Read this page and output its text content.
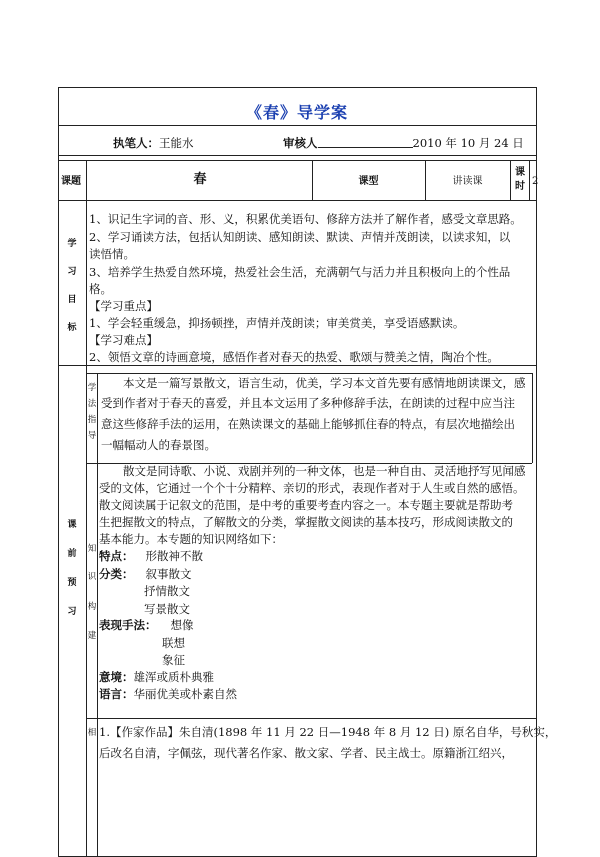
《春》导学案
执笔人：王能水	审核人	2010 年 10 月 24 日
课题	春	课型	讲读课
课时 2
学
习
目
标
1、识记生字词的音、形、义，积累优美语句、修辞方法并了解作者，感受文章思路。
2、学习诵读方法，包括认知朗读、感知朗读、默读、声情并茂朗读，以读求知，以
读悟情。
3、培养学生热爱自然环境，热爱社会生活，充满朝气与活力并且积极向上的个性品
格。
【学习重点】
1、学会轻重缓急，抑扬顿挫，声情并茂朗读；审美赏美，享受语感默读。
【学习难点】
2、领悟文章的诗画意境，感悟作者对春天的热爱、歌颂与赞美之情，陶冶个性。
课
前
预
习
学
法
指
导
本文是一篇写景散文，语言生动，优美，学习本文首先要有感情地朗读课文，感
受到作者对于春天的喜爱，并且本文运用了多种修辞手法，在朗读的过程中应当注
意这些修辞手法的运用，在熟读课文的基础上能够抓住春的特点，有层次地描绘出
一幅幅动人的春景图。
知
识
构
建
散文是同诗歌、小说、戏剧并列的一种文体，也是一种自由、灵活地抒写见闻感
受的文体，它通过一个个十分精粹、亲切的形式，表现作者对于人生或自然的感悟。
散文阅读属于记叙文的范围，是中考的重要考查内容之一。本专题主要就是帮助考
生把握散文的特点，了解散文的分类，掌握散文阅读的基本技巧，形成阅读散文的
基本能力。本专题的知识网络如下：
特点： 形散神不散
分类： 叙事散文
抒情散文
写景散文
表现手法： 想像
联想
象征
意境：雄浑或质朴典雅
语言：华丽优美或朴素自然
相 1.【作家作品】朱自清(1898 年 11 月 22 日—1948 年 8 月 12 日) 原名自华，号秋实，
后改名自清，字佩弦，现代著名作家、散文家、学者、民主战士。原籍浙江绍兴，
